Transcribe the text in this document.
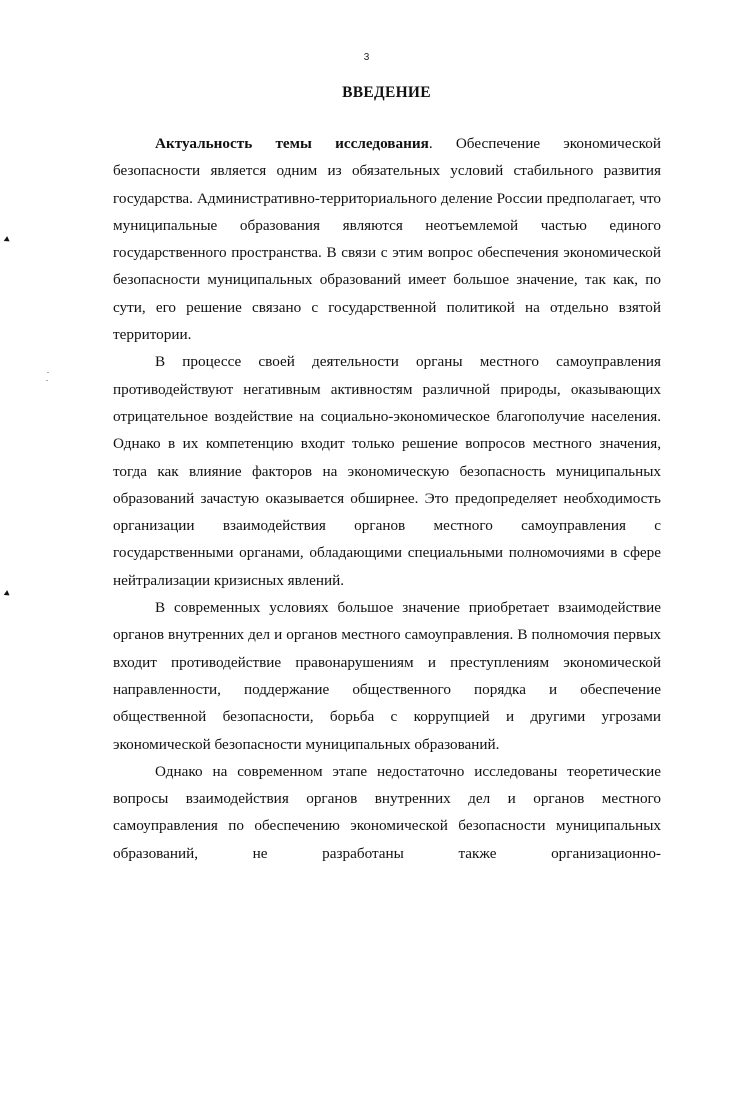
3
ВВЕДЕНИЕ

Актуальность темы исследования. Обеспечение экономической безопасности является одним из обязательных условий стабильного развития государства. Административно-территориального деление России предполагает, что муниципальные образования являются неотъемлемой частью единого государственного пространства. В связи с этим вопрос обеспечения экономической безопасности муниципальных образований имеет большое значение, так как, по сути, его решение связано с государственной политикой на отдельно взятой территории.

В процессе своей деятельности органы местного самоуправления противодействуют негативным активностям различной природы, оказывающих отрицательное воздействие на социально-экономическое благополучие населения. Однако в их компетенцию входит только решение вопросов местного значения, тогда как влияние факторов на экономическую безопасность муниципальных образований зачастую оказывается обширнее. Это предопределяет необходимость организации взаимодействия органов местного самоуправления с государственными органами, обладающими специальными полномочиями в сфере нейтрализации кризисных явлений.

В современных условиях большое значение приобретает взаимодействие органов внутренних дел и органов местного самоуправления. В полномочия первых входит противодействие правонарушениям и преступлениям экономической направленности, поддержание общественного порядка и обеспечение общественной безопасности, борьба с коррупцией и другими угрозами экономической безопасности муниципальных образований.

Однако на современном этапе недостаточно исследованы теоретические вопросы взаимодействия органов внутренних дел и органов местного самоуправления по обеспечению экономической безопасности муниципальных образований, не разработаны также организационно-
